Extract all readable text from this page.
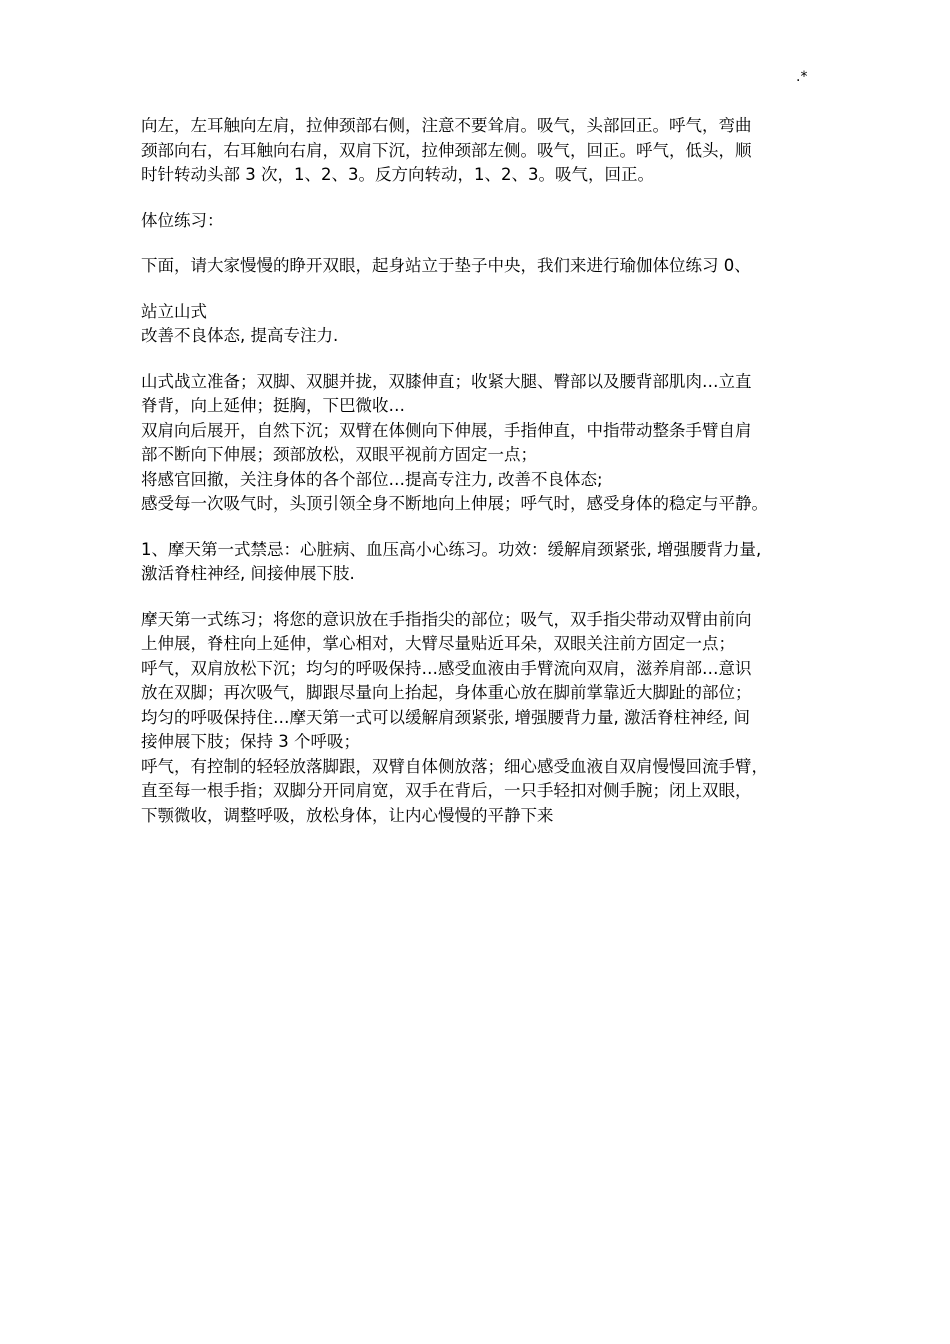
.*

向左，左耳触向左肩，拉伸颈部右侧，注意不要耸肩。吸气，头部回正。呼气，弯曲
颈部向右，右耳触向右肩，双肩下沉，拉伸颈部左侧。吸气，回正。呼气，低头，顺
时针转动头部 3 次，1、2、3。反方向转动，1、2、3。吸气，回正。

体位练习：

下面，请大家慢慢的睁开双眼，起身站立于垫子中央，我们来进行瑜伽体位练习 0、

站立山式
改善不良体态, 提高专注力.

山式战立准备；双脚、双腿并拢，双膝伸直；收紧大腿、臀部以及腰背部肌肉…立直
脊背，向上延伸；挺胸，下巴微收…
双肩向后展开，自然下沉；双臂在体侧向下伸展，手指伸直，中指带动整条手臂自肩
部不断向下伸展；颈部放松，双眼平视前方固定一点；
将感官回撤，关注身体的各个部位…提高专注力, 改善不良体态;
感受每一次吸气时，头顶引领全身不断地向上伸展；呼气时，感受身体的稳定与平静。

1、摩天第一式禁忌：心脏病、血压高小心练习。功效：缓解肩颈紧张, 增强腰背力量,
激活脊柱神经, 间接伸展下肢.

摩天第一式练习；将您的意识放在手指指尖的部位；吸气，双手指尖带动双臂由前向
上伸展，脊柱向上延伸，掌心相对，大臂尽量贴近耳朵，双眼关注前方固定一点；
呼气，双肩放松下沉；均匀的呼吸保持…感受血液由手臂流向双肩，滋养肩部…意识
放在双脚；再次吸气，脚跟尽量向上抬起，身体重心放在脚前掌靠近大脚趾的部位；
均匀的呼吸保持住…摩天第一式可以缓解肩颈紧张, 增强腰背力量, 激活脊柱神经, 间
接伸展下肢；保持 3 个呼吸；
呼气，有控制的轻轻放落脚跟，双臂自体侧放落；细心感受血液自双肩慢慢回流手臂，
直至每一根手指；双脚分开同肩宽，双手在背后，一只手轻扣对侧手腕；闭上双眼，
下颚微收，调整呼吸，放松身体，让内心慢慢的平静下来
